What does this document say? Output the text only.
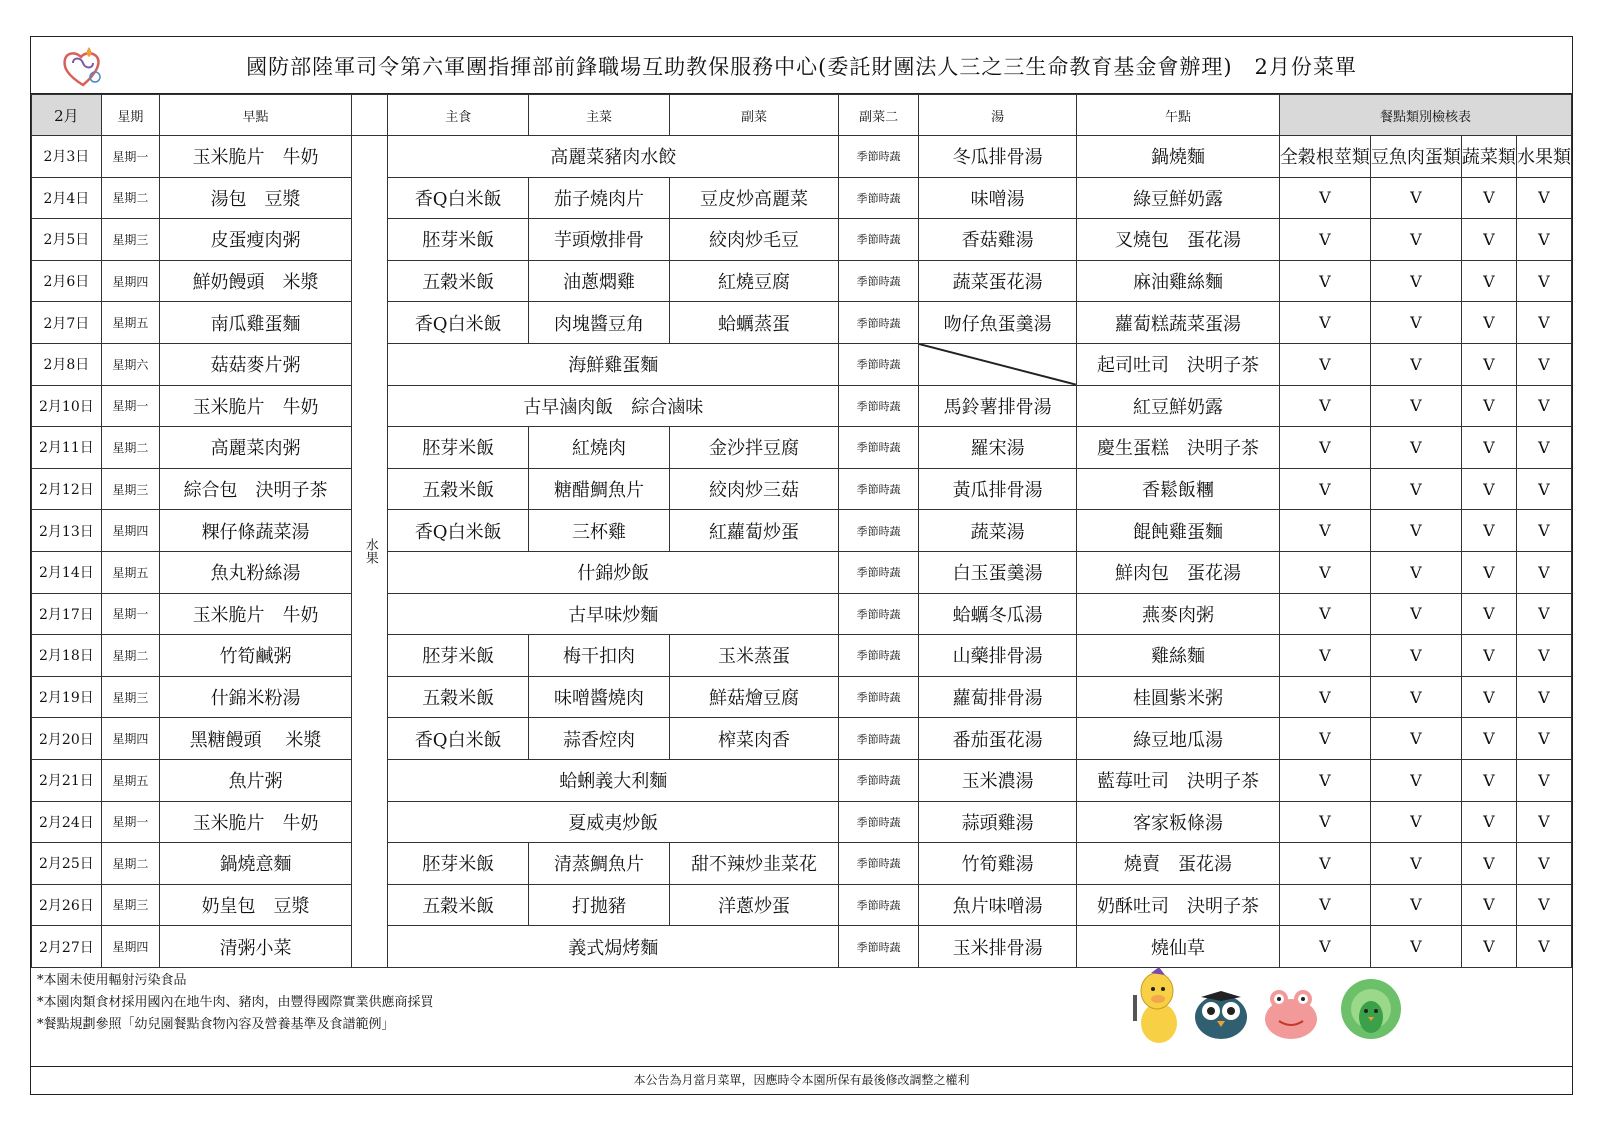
國防部陸軍司令第六軍團指揮部前鋒職場互助教保服務中心(委託財團法人三之三生命教育基金會辦理)　2月份菜單
2月	星期	早點		主食	主菜	副菜	副菜二	湯	午點	餐點類別檢核表			
2月3日	星期一	玉米脆片　牛奶	水果	高麗菜豬肉水餃			季節時蔬	冬瓜排骨湯	鍋燒麵	全穀根莖類	豆魚肉蛋類	蔬菜類	水果類
2月4日	星期二	湯包　豆漿		香Q白米飯	茄子燒肉片	豆皮炒高麗菜	季節時蔬	味噌湯	綠豆鮮奶露	V	V	V	V
2月5日	星期三	皮蛋瘦肉粥		胚芽米飯	芋頭燉排骨	絞肉炒毛豆	季節時蔬	香菇雞湯	叉燒包　蛋花湯	V	V	V	V
2月6日	星期四	鮮奶饅頭　米漿		五穀米飯	油蔥燜雞	紅燒豆腐	季節時蔬	蔬菜蛋花湯	麻油雞絲麵	V	V	V	V
2月7日	星期五	南瓜雞蛋麵		香Q白米飯	肉塊醬豆角	蛤蠣蒸蛋	季節時蔬	吻仔魚蛋羹湯	蘿蔔糕蔬菜蛋湯	V	V	V	V
2月8日	星期六	菇菇麥片粥		海鮮雞蛋麵			季節時蔬		起司吐司　決明子茶	V	V	V	V
2月10日	星期一	玉米脆片　牛奶		古早滷肉飯　綜合滷味			季節時蔬	馬鈴薯排骨湯	紅豆鮮奶露	V	V	V	V
2月11日	星期二	高麗菜肉粥		胚芽米飯	紅燒肉	金沙拌豆腐	季節時蔬	羅宋湯	慶生蛋糕　決明子茶	V	V	V	V
2月12日	星期三	綜合包　決明子茶		五穀米飯	糖醋鯛魚片	絞肉炒三菇	季節時蔬	黃瓜排骨湯	香鬆飯糰	V	V	V	V
2月13日	星期四	粿仔條蔬菜湯		香Q白米飯	三杯雞	紅蘿蔔炒蛋	季節時蔬	蔬菜湯	餛飩雞蛋麵	V	V	V	V
2月14日	星期五	魚丸粉絲湯		什錦炒飯			季節時蔬	白玉蛋羹湯	鮮肉包　蛋花湯	V	V	V	V
2月17日	星期一	玉米脆片　牛奶		古早味炒麵			季節時蔬	蛤蠣冬瓜湯	燕麥肉粥	V	V	V	V
2月18日	星期二	竹筍鹹粥		胚芽米飯	梅干扣肉	玉米蒸蛋	季節時蔬	山藥排骨湯	雞絲麵	V	V	V	V
2月19日	星期三	什錦米粉湯		五穀米飯	味噌醬燒肉	鮮菇燴豆腐	季節時蔬	蘿蔔排骨湯	桂圓紫米粥	V	V	V	V
2月20日	星期四	黑糖饅頭　 米漿		香Q白米飯	蒜香焢肉	榨菜肉香	季節時蔬	番茄蛋花湯	綠豆地瓜湯	V	V	V	V
2月21日	星期五	魚片粥		蛤蜊義大利麵			季節時蔬	玉米濃湯	藍莓吐司　決明子茶	V	V	V	V
2月24日	星期一	玉米脆片　牛奶		夏威夷炒飯			季節時蔬	蒜頭雞湯	客家粄條湯	V	V	V	V
2月25日	星期二	鍋燒意麵		胚芽米飯	清蒸鯛魚片	甜不辣炒韭菜花	季節時蔬	竹筍雞湯	燒賣　蛋花湯	V	V	V	V
2月26日	星期三	奶皇包　豆漿		五穀米飯	打拋豬	洋蔥炒蛋	季節時蔬	魚片味噌湯	奶酥吐司　決明子茶	V	V	V	V
2月27日	星期四	清粥小菜		義式焗烤麵			季節時蔬	玉米排骨湯	燒仙草	V	V	V	V
*本園未使用輻射污染食品
*本園肉類食材採用國內在地牛肉、豬肉，由豐得國際實業供應商採買
*餐點規劃參照「幼兒園餐點食物內容及營養基準及食譜範例」
本公告為月當月菜單，因應時令本園所保有最後修改調整之權利
